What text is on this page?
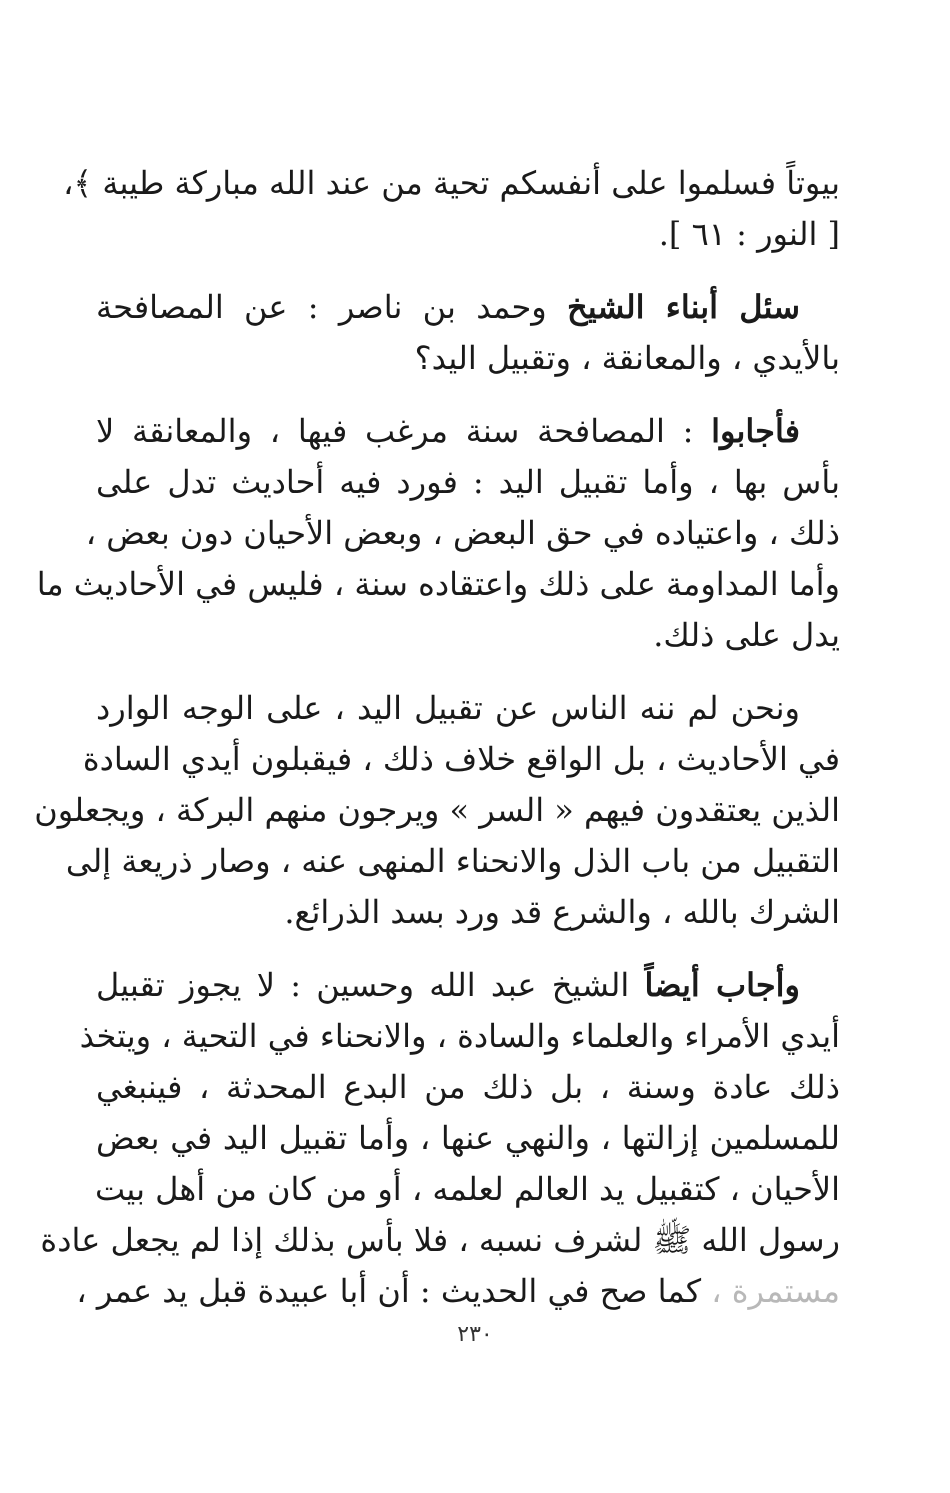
بيوتاً فسلموا على أنفسكم تحية من عند الله مباركة طيبة ﴾،
[ النور : ٦١ ].

سئل أبناء الشيخ وحمد بن ناصر : عن المصافحة
بالأيدي ، والمعانقة ، وتقبيل اليد؟

فأجابوا : المصافحة سنة مرغب فيها ، والمعانقة لا
بأس بها ، وأما تقبيل اليد : فورد فيه أحاديث تدل على
ذلك ، واعتياده في حق البعض ، وبعض الأحيان دون بعض ،
وأما المداومة على ذلك واعتقاده سنة ، فليس في الأحاديث ما
يدل على ذلك.

ونحن لم ننه الناس عن تقبيل اليد ، على الوجه الوارد
في الأحاديث ، بل الواقع خلاف ذلك ، فيقبلون أيدي السادة
الذين يعتقدون فيهم « السر » ويرجون منهم البركة ، ويجعلون
التقبيل من باب الذل والانحناء المنهى عنه ، وصار ذريعة إلى
الشرك بالله ، والشرع قد ورد بسد الذرائع.

وأجاب أيضاً الشيخ عبد الله وحسين : لا يجوز تقبيل
أيدي الأمراء والعلماء والسادة ، والانحناء في التحية ، ويتخذ
ذلك عادة وسنة ، بل ذلك من البدع المحدثة ، فينبغي
للمسلمين إزالتها ، والنهي عنها ، وأما تقبيل اليد في بعض
الأحيان ، كتقبيل يد العالم لعلمه ، أو من كان من أهل بيت
رسول الله ﷺ لشرف نسبه ، فلا بأس بذلك إذا لم يجعل عادة
مستمرة ، كما صح في الحديث : أن أبا عبيدة قبل يد عمر ،

٢٣٠
